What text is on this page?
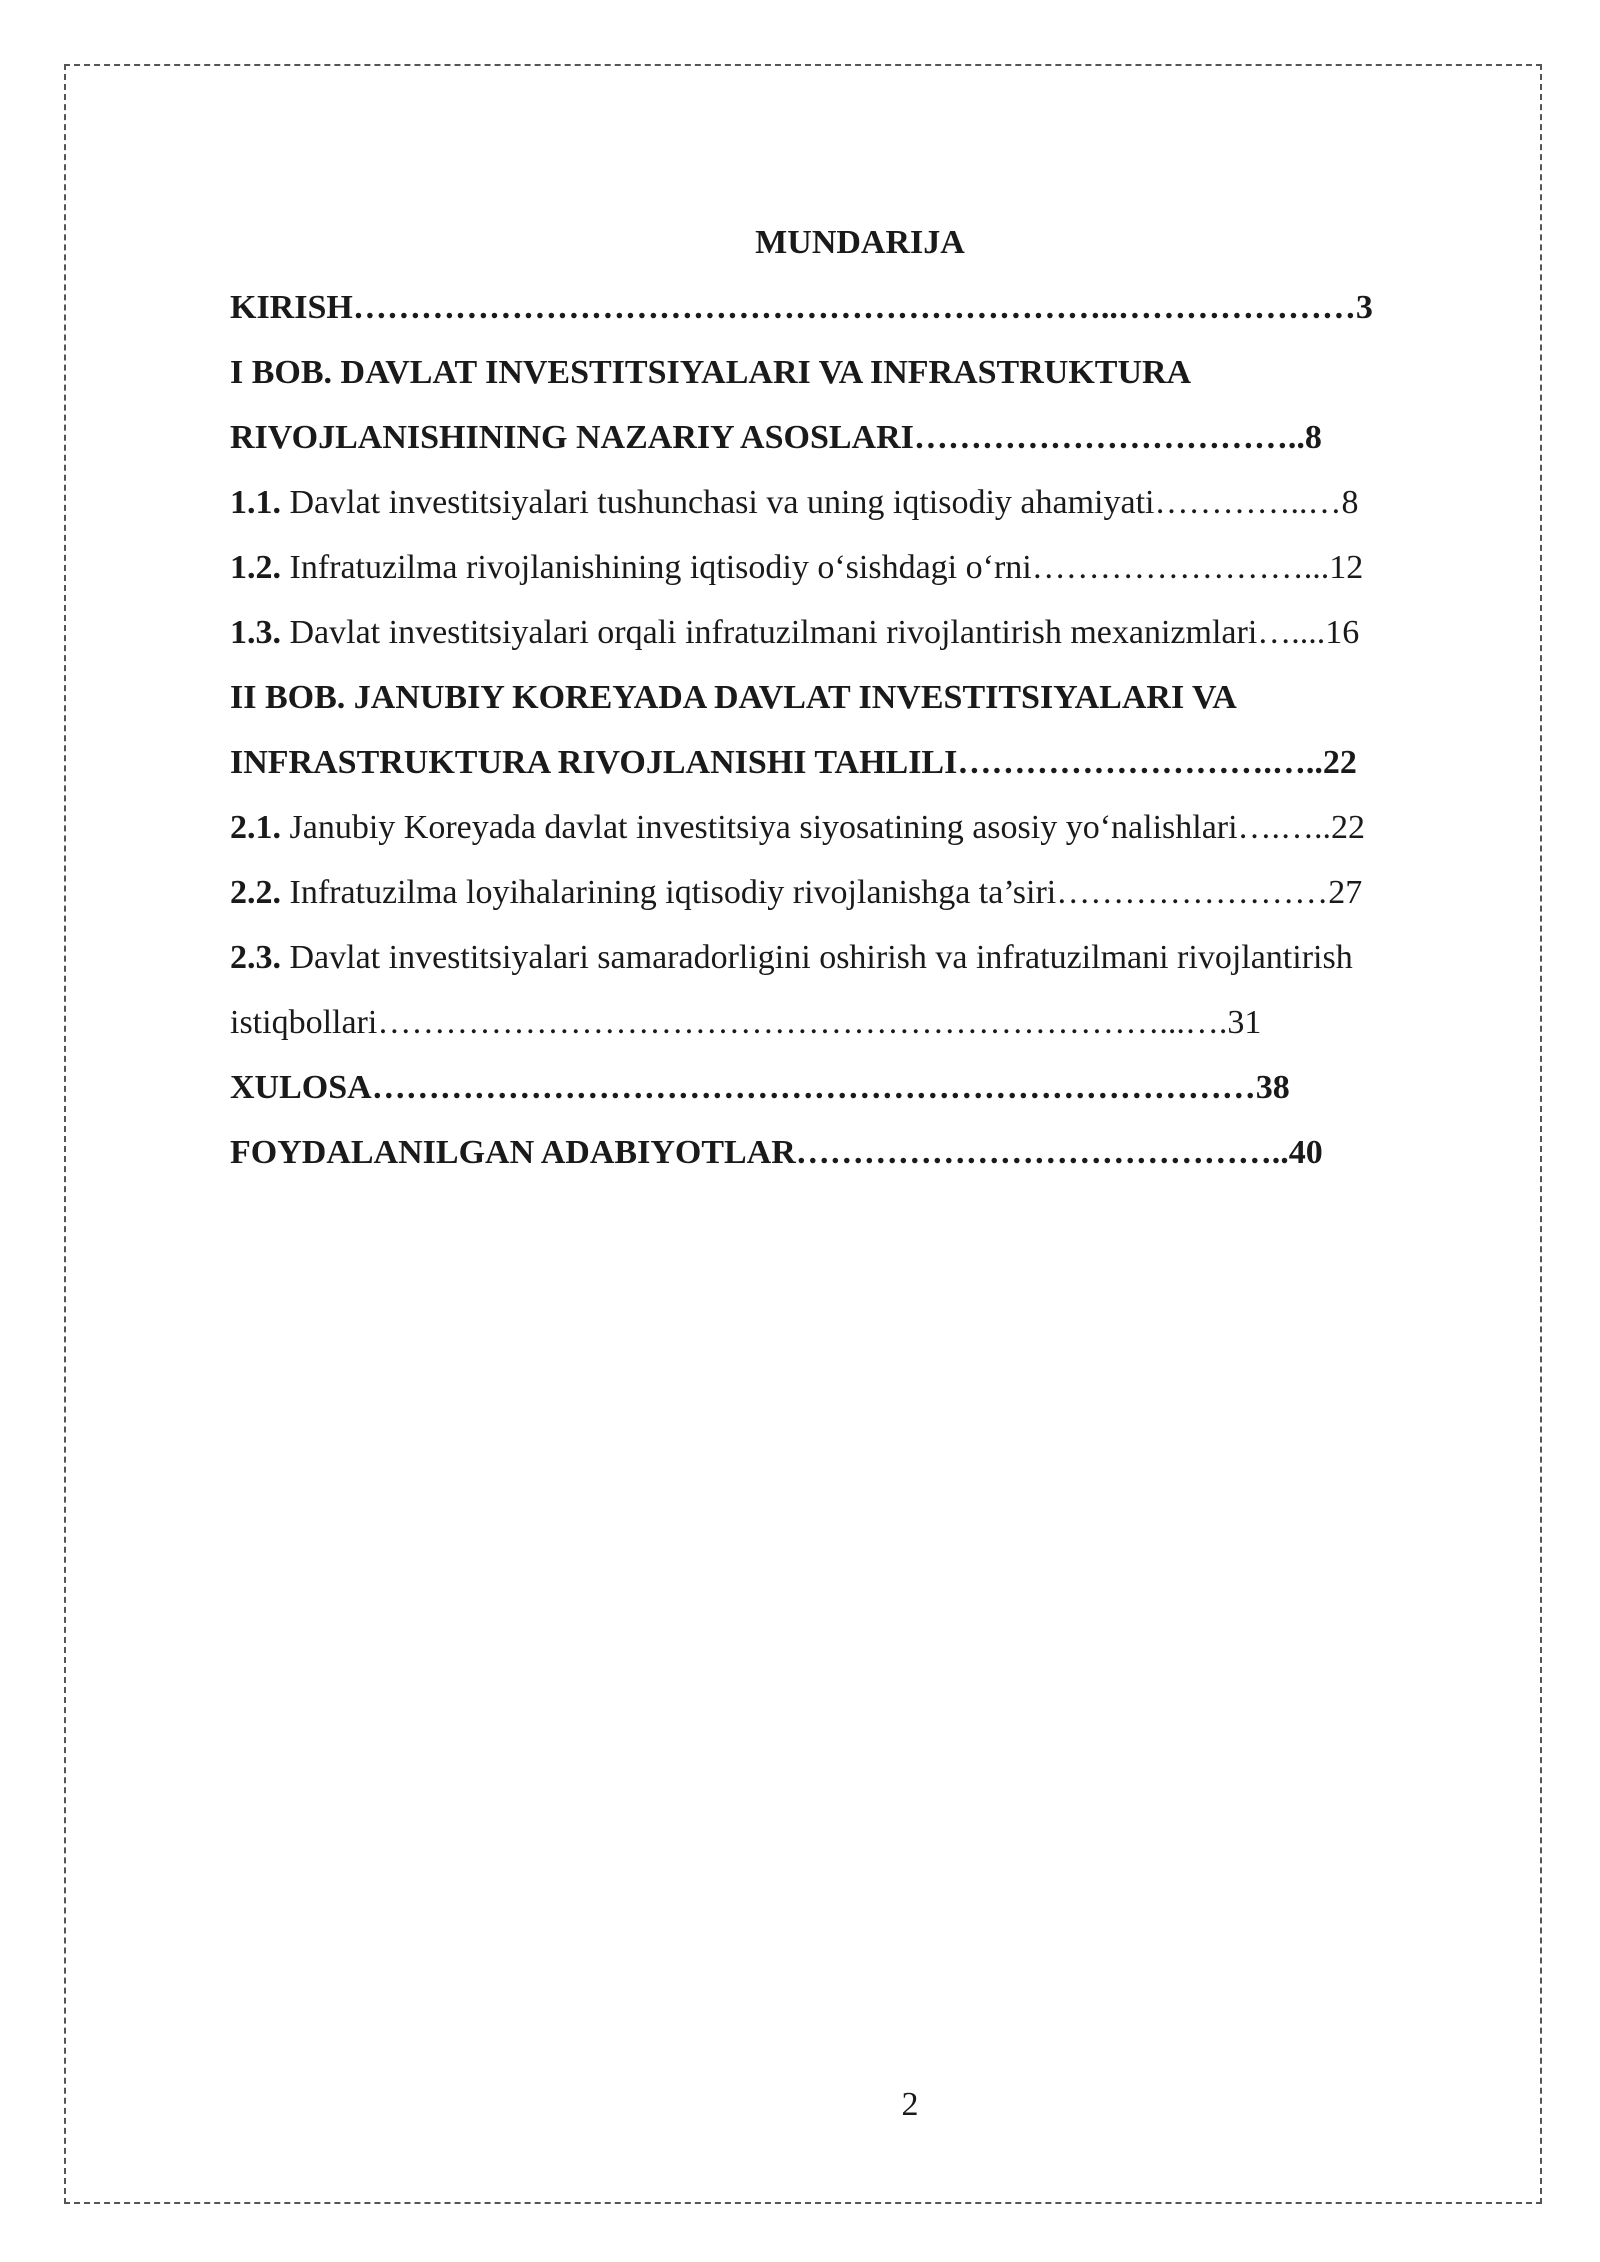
MUNDARIJA
KIRISH…………………………………………………………..…………………3
I BOB. DAVLAT INVESTITSIYALARI VA INFRASTRUKTURA
RIVOJLANISHINING NAZARIY ASOSLARI……………………………..8
1.1. Davlat investitsiyalari tushunchasi va uning iqtisodiy ahamiyati…………..…8
1.2. Infratuzilma rivojlanishining iqtisodiy o‘sishdagi o‘rni……………………...12
1.3. Davlat investitsiyalari orqali infratuzilmani rivojlantirish mexanizmlari…....16
II BOB. JANUBIY KOREYADA DAVLAT INVESTITSIYALARI VA
INFRASTRUKTURA RIVOJLANISHI TAHLILI……………………….…..22
2.1. Janubiy Koreyada davlat investitsiya siyosatining asosiy yo‘nalishlari….…..22
2.2. Infratuzilma loyihalarining iqtisodiy rivojlanishga ta’siri……………………27
2.3. Davlat investitsiyalari samaradorligini oshirish va infratuzilmani rivojlantirish
istiqbollari……………………………………………………………...….31
XULOSA……………………………………………………………………38
FOYDALANILGAN ADABIYOTLAR……………………………………..40
2
